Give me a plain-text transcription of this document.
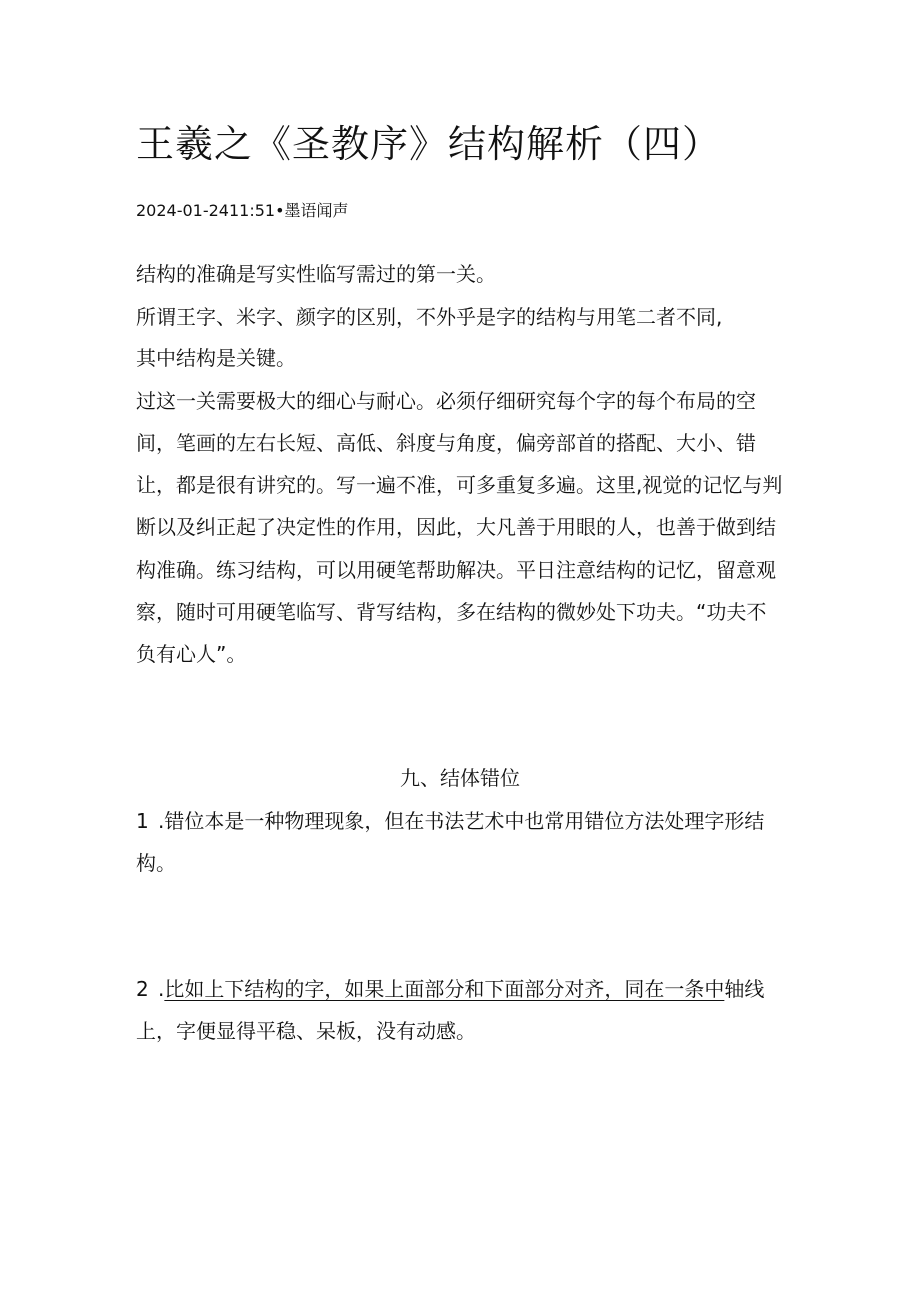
王羲之《圣教序》结构解析（四）
2024-01-2411:51•墨语闻声
结构的准确是写实性临写需过的第一关。
所谓王字、米字、颜字的区别，不外乎是字的结构与用笔二者不同,
其中结构是关键。
过这一关需要极大的细心与耐心。必须仔细研究每个字的每个布局的空
间，笔画的左右长短、高低、斜度与角度，偏旁部首的搭配、大小、错
让，都是很有讲究的。写一遍不准，可多重复多遍。这里,视觉的记忆与判
断以及纠正起了决定性的作用，因此，大凡善于用眼的人，也善于做到结
构准确。练习结构，可以用硬笔帮助解决。平日注意结构的记忆，留意观
察，随时可用硬笔临写、背写结构，多在结构的微妙处下功夫。“功夫不
负有心人”。
九、结体错位
1 .错位本是一种物理现象，但在书法艺术中也常用错位方法处理字形结
构。
2 .比如上下结构的字，如果上面部分和下面部分对齐，同在一条中轴线
上，字便显得平稳、呆板，没有动感。
